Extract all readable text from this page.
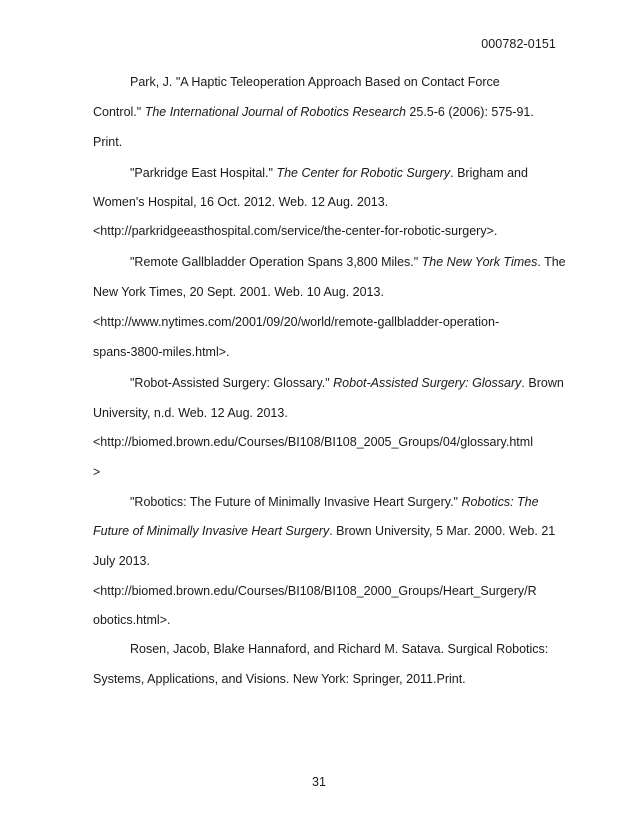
000782-0151
Park, J. "A Haptic Teleoperation Approach Based on Contact Force
Control." The International Journal of Robotics Research 25.5-6 (2006): 575-91.
Print.
"Parkridge East Hospital." The Center for Robotic Surgery. Brigham and
Women's Hospital, 16 Oct. 2012. Web. 12 Aug. 2013.
<http://parkridgeeasthospital.com/service/the-center-for-robotic-surgery>.
"Remote Gallbladder Operation Spans 3,800 Miles." The New York Times. The
New York Times, 20 Sept. 2001. Web. 10 Aug. 2013.
<http://www.nytimes.com/2001/09/20/world/remote-gallbladder-operation-
spans-3800-miles.html>.
"Robot-Assisted Surgery: Glossary." Robot-Assisted Surgery: Glossary. Brown
University, n.d. Web. 12 Aug. 2013.
<http://biomed.brown.edu/Courses/BI108/BI108_2005_Groups/04/glossary.html
>
"Robotics: The Future of Minimally Invasive Heart Surgery." Robotics: The
Future of Minimally Invasive Heart Surgery. Brown University, 5 Mar. 2000. Web. 21
July 2013.
<http://biomed.brown.edu/Courses/BI108/BI108_2000_Groups/Heart_Surgery/R
obotics.html>.
Rosen, Jacob, Blake Hannaford, and Richard M. Satava. Surgical Robotics:
Systems, Applications, and Visions. New York: Springer, 2011.Print.
31
